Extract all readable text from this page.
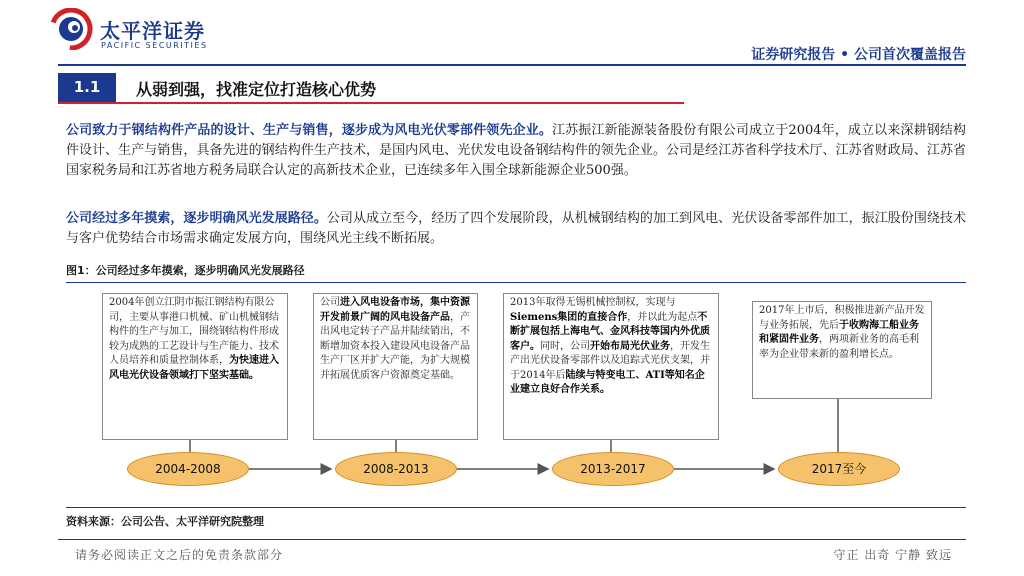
太平洋证券
PACIFIC SECURITIES
证券研究报告 • 公司首次覆盖报告
1.1	从弱到强，找准定位打造核心优势
公司致力于钢结构件产品的设计、生产与销售，逐步成为风电光伏零部件领先企业。江苏振江新能源装备股份有限公司成立于2004年，成立以来深耕钢结构件设计、生产与销售，具备先进的钢结构件生产技术，是国内风电、光伏发电设备钢结构件的领先企业。公司是经江苏省科学技术厅、江苏省财政局、江苏省国家税务局和江苏省地方税务局联合认定的高新技术企业，已连续多年入围全球新能源企业500强。
公司经过多年摸索，逐步明确风光发展路径。公司从成立至今，经历了四个发展阶段，从机械钢结构的加工到风电、光伏设备零部件加工，振江股份围绕技术与客户优势结合市场需求确定发展方向，围绕风光主线不断拓展。
图1：公司经过多年摸索，逐步明确风光发展路径
2004年创立江阴市振江钢结构有限公司，主要从事港口机械、矿山机械钢结构件的生产与加工，围绕钢结构件形成较为成熟的工艺设计与生产能力、技术人员培养和质量控制体系，为快速进入风电光伏设备领域打下坚实基础。
公司进入风电设备市场，集中资源开发前景广阔的风电设备产品，产出风电定转子产品并陆续销出，不断增加资本投入建设风电设备产品生产厂区并扩大产能，为扩大规模并拓展优质客户资源奠定基础。
2013年取得无锡机械控制权，实现与Siemens集团的直接合作，并以此为起点不断扩展包括上海电气、金风科技等国内外优质客户。同时，公司开始布局光伏业务，开发生产出光伏设备零部件以及追踪式光伏支架，并于2014年后陆续与特变电工、ATI等知名企业建立良好合作关系。
2017年上市后，积极推进新产品开发与业务拓展，先后于收购海工船业务和紧固件业务，两项新业务的高毛利率为企业带来新的盈利增长点。
2004-2008	2008-2013	2013-2017	2017至今
资料来源：公司公告、太平洋研究院整理
请务必阅读正文之后的免责条款部分	守正 出奇 宁静 致远
